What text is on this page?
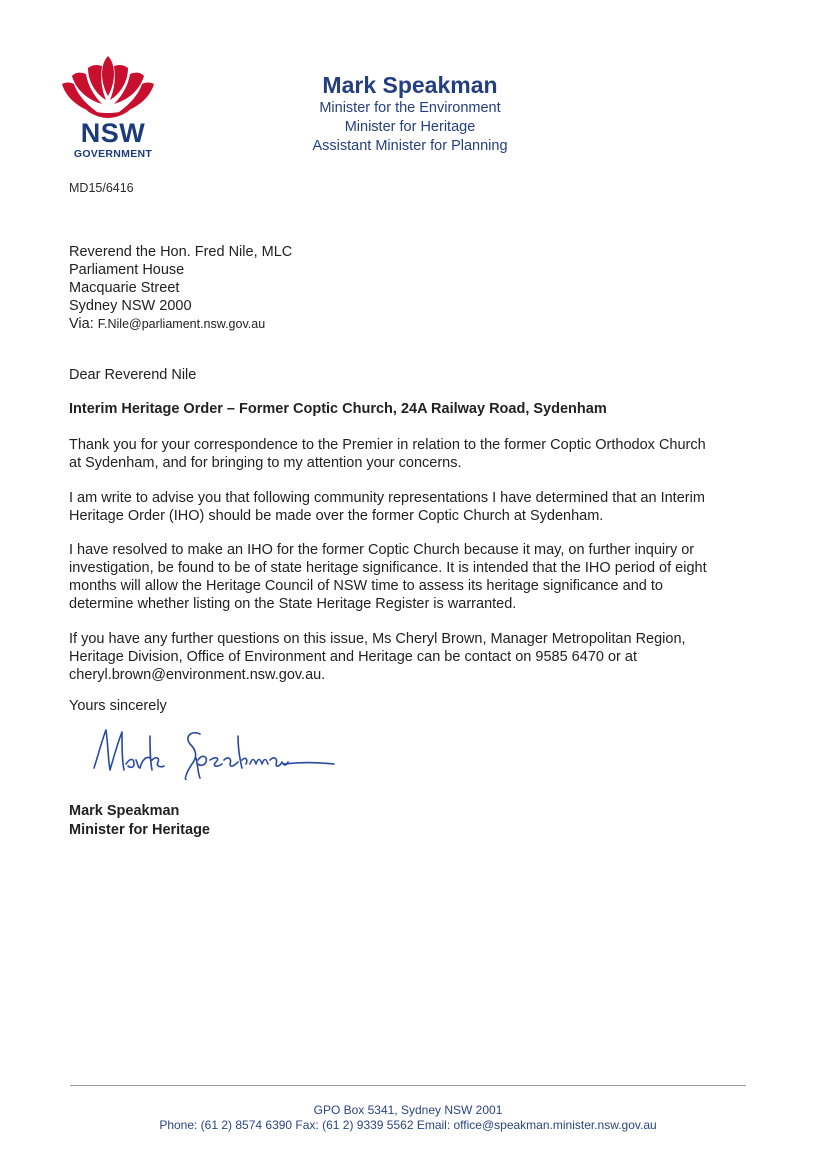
NSW
GOVERNMENT
Mark Speakman
Minister for the Environment
Minister for Heritage
Assistant Minister for Planning
MD15/6416
Reverend the Hon. Fred Nile, MLC
Parliament House
Macquarie Street
Sydney NSW 2000
Via: F.Nile@parliament.nsw.gov.au
Dear Reverend Nile
Interim Heritage Order – Former Coptic Church, 24A Railway Road, Sydenham
Thank you for your correspondence to the Premier in relation to the former Coptic Orthodox Church
at Sydenham, and for bringing to my attention your concerns.
I am write to advise you that following community representations I have determined that an Interim
Heritage Order (IHO) should be made over the former Coptic Church at Sydenham.
I have resolved to make an IHO for the former Coptic Church because it may, on further inquiry or
investigation, be found to be of state heritage significance. It is intended that the IHO period of eight
months will allow the Heritage Council of NSW time to assess its heritage significance and to
determine whether listing on the State Heritage Register is warranted.
If you have any further questions on this issue, Ms Cheryl Brown, Manager Metropolitan Region,
Heritage Division, Office of Environment and Heritage can be contact on 9585 6470 or at
cheryl.brown@environment.nsw.gov.au.
Yours sincerely
Mark Speakman
Minister for Heritage
GPO Box 5341, Sydney NSW 2001
Phone: (61 2) 8574 6390 Fax: (61 2) 9339 5562 Email: office@speakman.minister.nsw.gov.au
